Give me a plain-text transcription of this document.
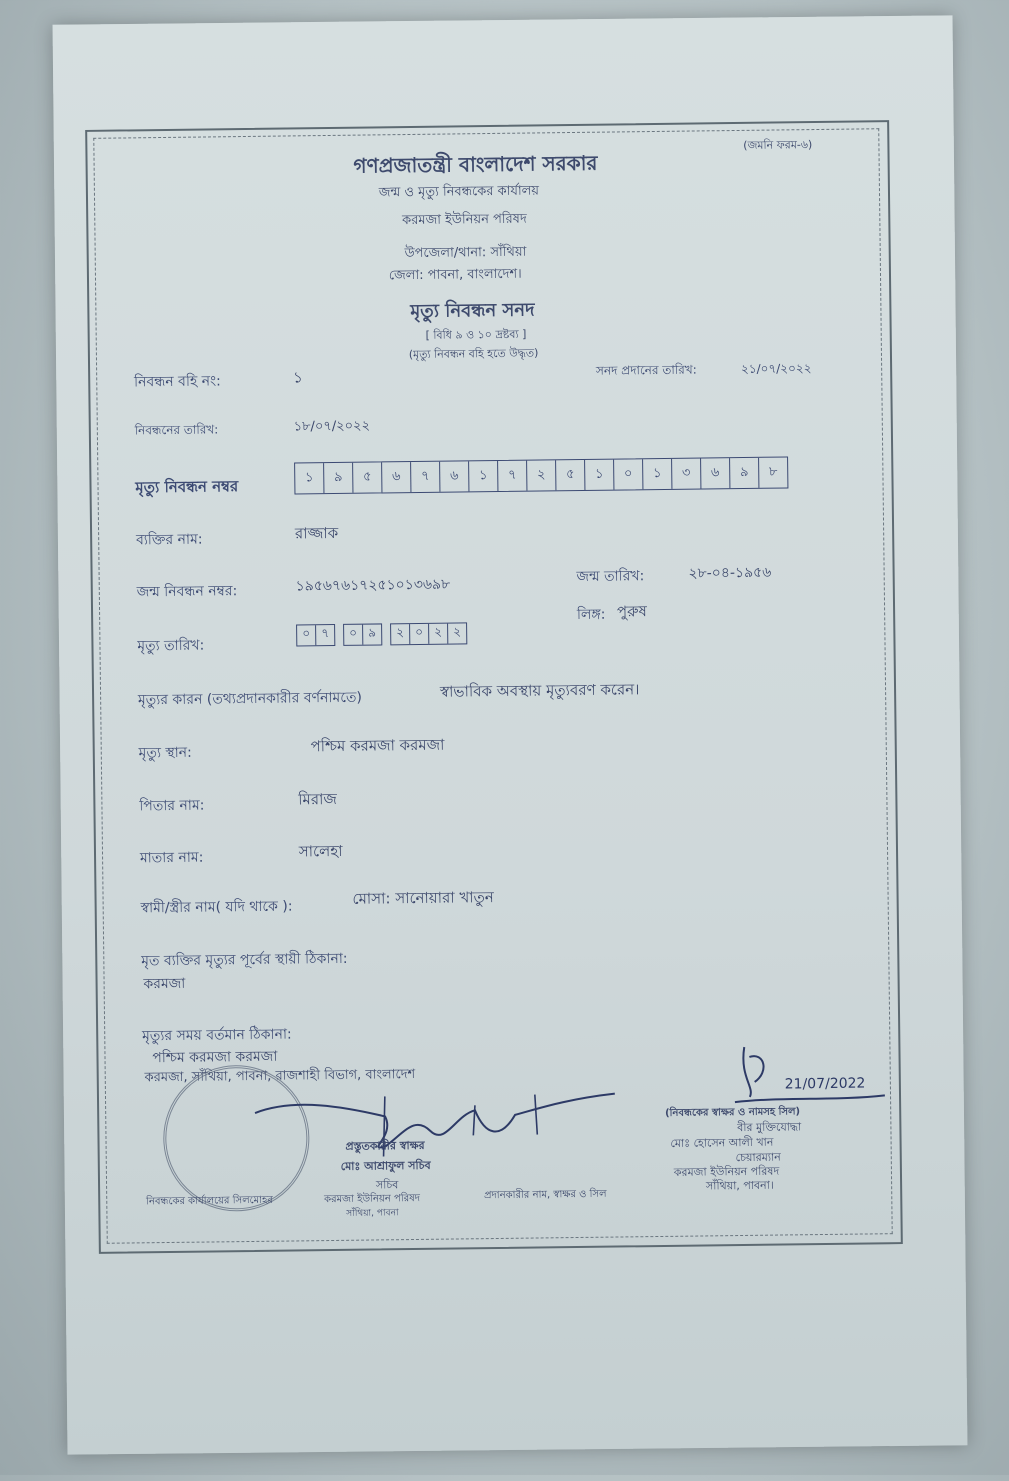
(জমনি ফরম-৬)
গণপ্রজাতন্ত্রী বাংলাদেশ সরকার
জন্ম ও মৃত্যু নিবন্ধকের কার্যালয়
করমজা ইউনিয়ন পরিষদ
উপজেলা/থানা: সাঁথিয়া
জেলা: পাবনা, বাংলাদেশ।
মৃত্যু নিবন্ধন সনদ
[ বিধি ৯ ও ১০ দ্রষ্টব্য ]
(মৃত্যু নিবন্ধন বহি হতে উদ্ধৃত)
নিবন্ধন বহি নং:	১	সনদ প্রদানের তারিখ:	২১/০৭/২০২২
নিবন্ধনের তারিখ:	১৮/০৭/২০২২
মৃত্যু নিবন্ধন নম্বর	১	৯	৫	৬	৭	৬	১	৭	২	৫	১	০	১	৩	৬	৯	৮
ব্যক্তির নাম:	রাজ্জাক
জন্ম নিবন্ধন নম্বর:	১৯৫৬৭৬১৭২৫১০১৩৬৯৮	জন্ম তারিখ:	২৮-০৪-১৯৫৬
লিঙ্গ: পুরুষ
মৃত্যু তারিখ:
০ ৭	০ ৯	২ ০ ২ ২
মৃত্যুর কারন (তথ্যপ্রদানকারীর বর্ণনামতে)	স্বাভাবিক অবস্থায় মৃত্যুবরণ করেন।
মৃত্যু স্থান:	পশ্চিম করমজা করমজা
পিতার নাম:	মিরাজ
মাতার নাম:	সালেহা
স্বামী/স্ত্রীর নাম( যদি থাকে ):	মোসা: সানোয়ারা খাতুন
মৃত ব্যক্তির মৃত্যুর পূর্বের স্থায়ী ঠিকানা:
করমজা
মৃত্যুর সময় বর্তমান ঠিকানা:
পশ্চিম করমজা করমজা
করমজা, সাঁথিয়া, পাবনা, রাজশাহী বিভাগ, বাংলাদেশ	21/07/2022
প্রস্তুতকারীর স্বাক্ষর
মোঃ আশ্রাফুল সচিব
সচিব
নিবন্ধকের কার্যালয়ের সিলমোহর	করমজা ইউনিয়ন পরিষদ
সাঁথিয়া, পাবনা
প্রদানকারীর নাম, স্বাক্ষর ও সিল
(নিবন্ধকের স্বাক্ষর ও নামসহ সিল)
বীর মুক্তিযোদ্ধা
মোঃ হোসেন আলী খান
চেয়ারম্যান
করমজা ইউনিয়ন পরিষদ
সাঁথিয়া, পাবনা।
